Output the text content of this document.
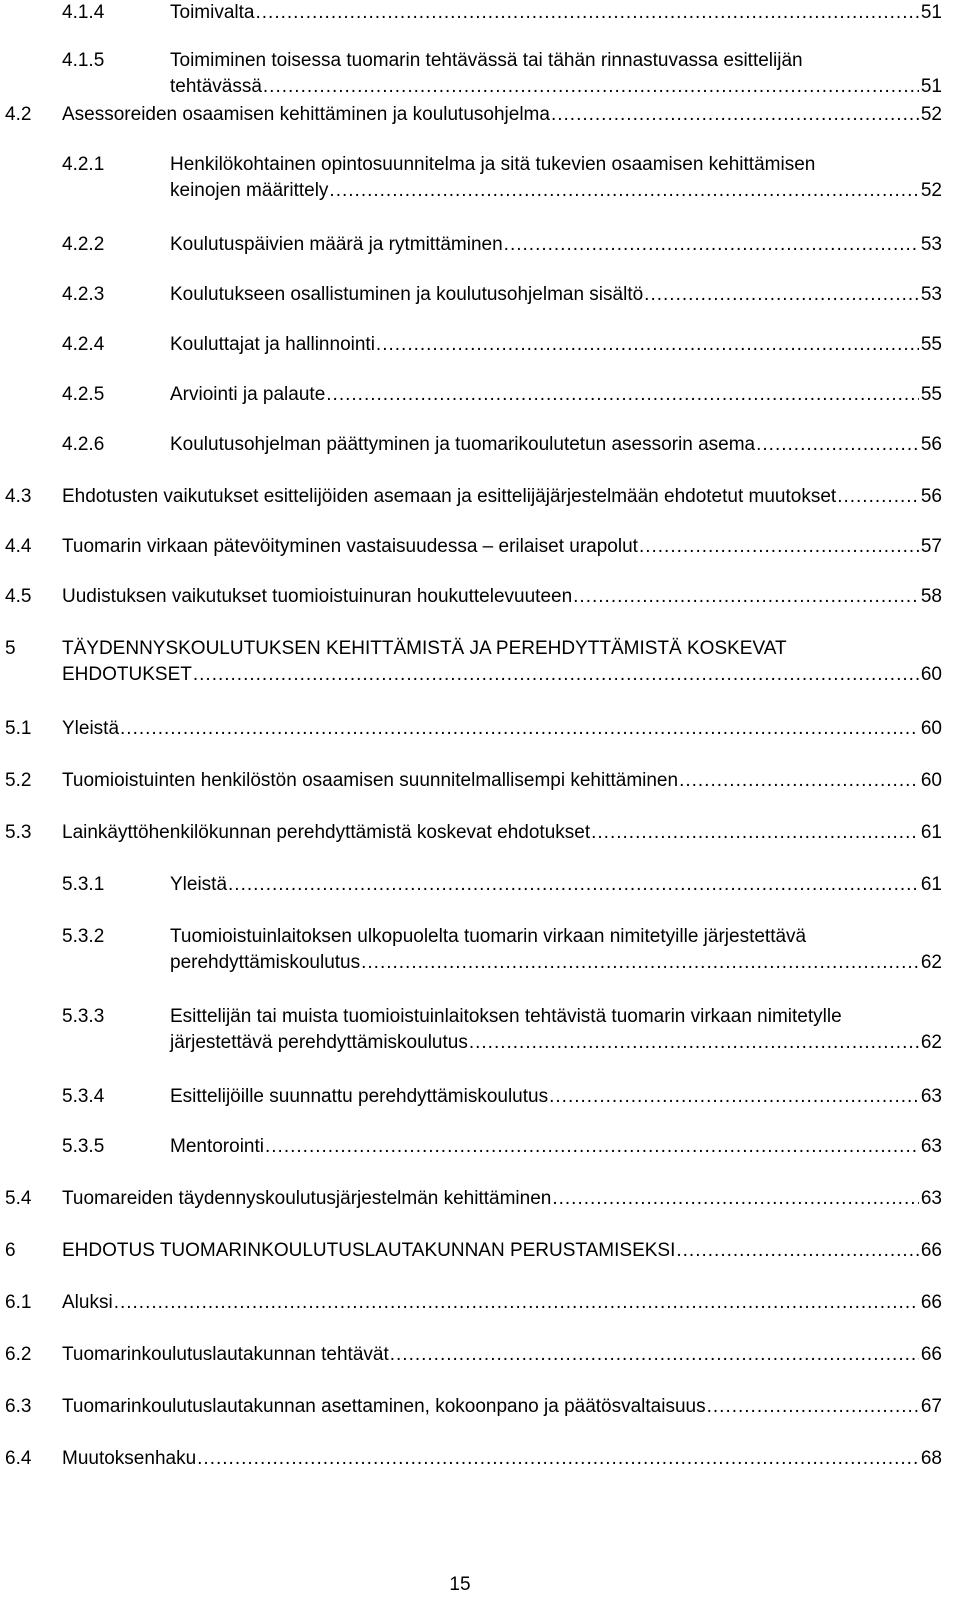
4.1.4	Toimivalta .....	51
4.1.5	Toimiminen toisessa tuomarin tehtävässä tai tähän rinnastuvassa esittelijän
tehtävässä .....	51
4.2 Asessoreiden osaamisen kehittäminen ja koulutusohjelma .....	52
4.2.1	Henkilökohtainen opintosuunnitelma ja sitä tukevien osaamisen kehittämisen
keinojen määrittely .....	52
4.2.2	Koulutuspäivien määrä ja rytmittäminen .....	53
4.2.3	Koulutukseen osallistuminen ja koulutusohjelman sisältö .....	53
4.2.4	Kouluttajat ja hallinnointi .....	55
4.2.5	Arviointi ja palaute .....	55
4.2.6	Koulutusohjelman päättyminen ja tuomarikoulutetun asessorin asema .....	56
4.3 Ehdotusten vaikutukset esittelijöiden asemaan ja esittelijäjärjestelmään ehdotetut muutokset .....	56
4.4 Tuomarin virkaan pätevöityminen vastaisuudessa – erilaiset urapolut .....	57
4.5 Uudistuksen vaikutukset tuomioistuinuran houkuttelevuuteen .....	58
5 TÄYDENNYSKOULUTUKSEN KEHITTÄMISTÄ JA PEREHDYTTÄMISTÄ KOSKEVAT
EHDOTUKSET .....	60
5.1 Yleistä .....	60
5.2 Tuomioistuinten henkilöstön osaamisen suunnitelmallisempi kehittäminen .....	60
5.3 Lainkäyttöhenkilökunnan perehdyttämistä koskevat ehdotukset .....	61
5.3.1	Yleistä .....	61
5.3.2	Tuomioistuinlaitoksen ulkopuolelta tuomarin virkaan nimitetyille järjestettävä
perehdyttämiskoulutus .....	62
5.3.3	Esittelijän tai muista tuomioistuinlaitoksen tehtävistä tuomarin virkaan nimitetylle
järjestettävä perehdyttämiskoulutus .....	62
5.3.4	Esittelijöille suunnattu perehdyttämiskoulutus .....	63
5.3.5	Mentorointi .....	63
5.4 Tuomareiden täydennyskoulutusjärjestelmän kehittäminen .....	63
6 EHDOTUS TUOMARINKOULUTUSLAUTAKUNNAN PERUSTAMISEKSI .....	66
6.1 Aluksi .....	66
6.2 Tuomarinkoulutuslautakunnan tehtävät .....	66
6.3 Tuomarinkoulutuslautakunnan asettaminen, kokoonpano ja päätösvaltaisuus .....	67
6.4 Muutoksenhaku .....	68
15
